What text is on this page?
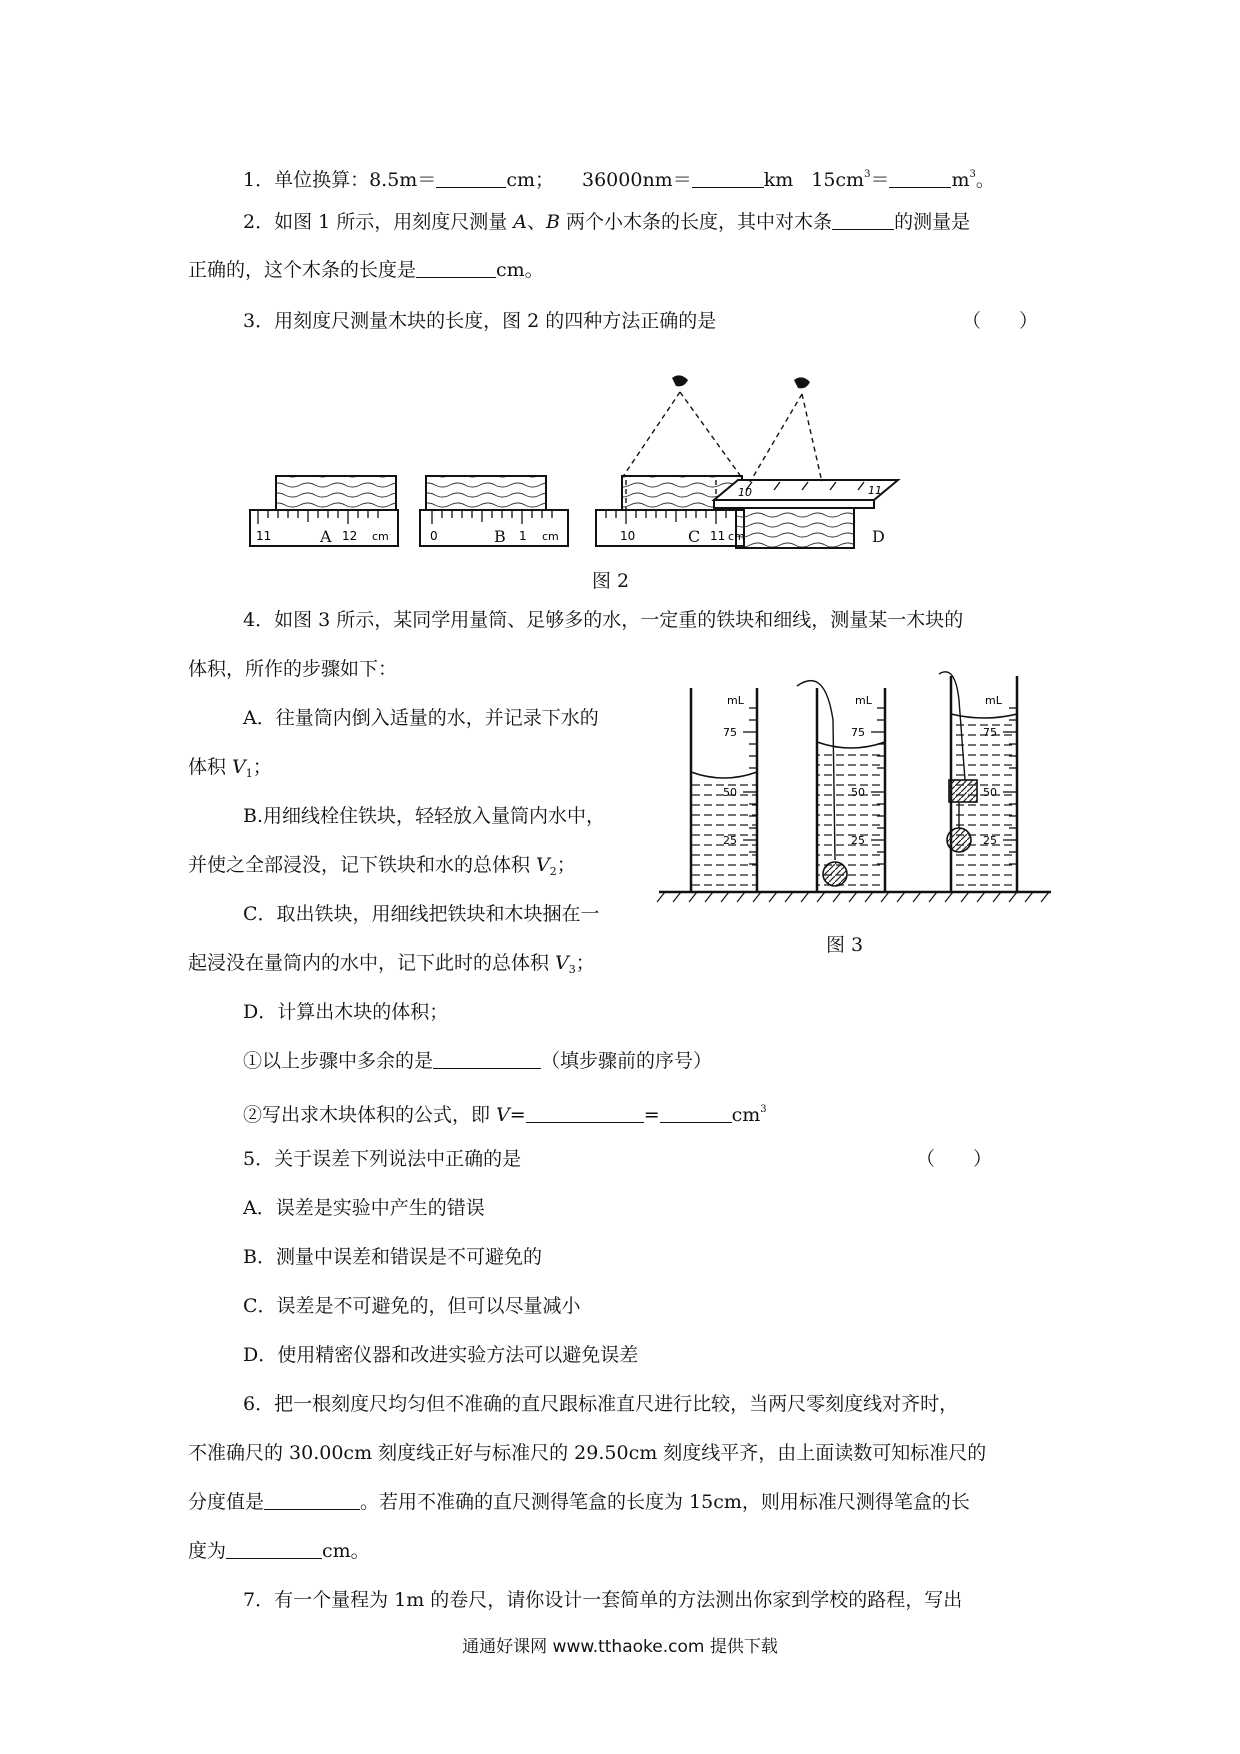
1．单位换算：8.5m＝	cm； 36000nm＝	km $15cm^3=$	$m^3$。
2．如图 1 所示，用刻度尺测量 A、B 两个小木条的长度，其中对木条	的测量是
正确的，这个木条的长度是	cm。
3．用刻度尺测量木块的长度，图 2 的四种方法正确的是	（　　）
11	12 cm	0	1 cm	10	11 cm
10	11
A	B	C	D
图 2
4．如图 3 所示，某同学用量筒、足够多的水，一定重的铁块和细线，测量某一木块的
体积，所作的步骤如下：
A．往量筒内倒入适量的水，并记录下水的
体积 $V_1$；
B.用细线栓住铁块，轻轻放入量筒内水中，
并使之全部浸没，记下铁块和水的总体积 $V_2$；
C．取出铁块，用细线把铁块和木块捆在一
起浸没在量筒内的水中，记下此时的总体积 $V_3$；
D．计算出木块的体积；
①以上步骤中多余的是	（填步骤前的序号）
②写出求木块体积的公式，即 V=	=	$cm^3$
mL
75
50
25
mL
75
50
25
mL
75
50
25
图 3
5．关于误差下列说法中正确的是	（　　）
A．误差是实验中产生的错误
B．测量中误差和错误是不可避免的
C．误差是不可避免的，但可以尽量减小
D．使用精密仪器和改进实验方法可以避免误差
6．把一根刻度尺均匀但不准确的直尺跟标准直尺进行比较，当两尺零刻度线对齐时，
不准确尺的 30.00cm 刻度线正好与标准尺的 29.50cm 刻度线平齐，由上面读数可知标准尺的
分度值是	。若用不准确的直尺测得笔盒的长度为 15cm，则用标准尺测得笔盒的长
度为	cm。
7．有一个量程为 1m 的卷尺，请你设计一套简单的方法测出你家到学校的路程，写出
通通好课网 www.tthaoke.com 提供下载
